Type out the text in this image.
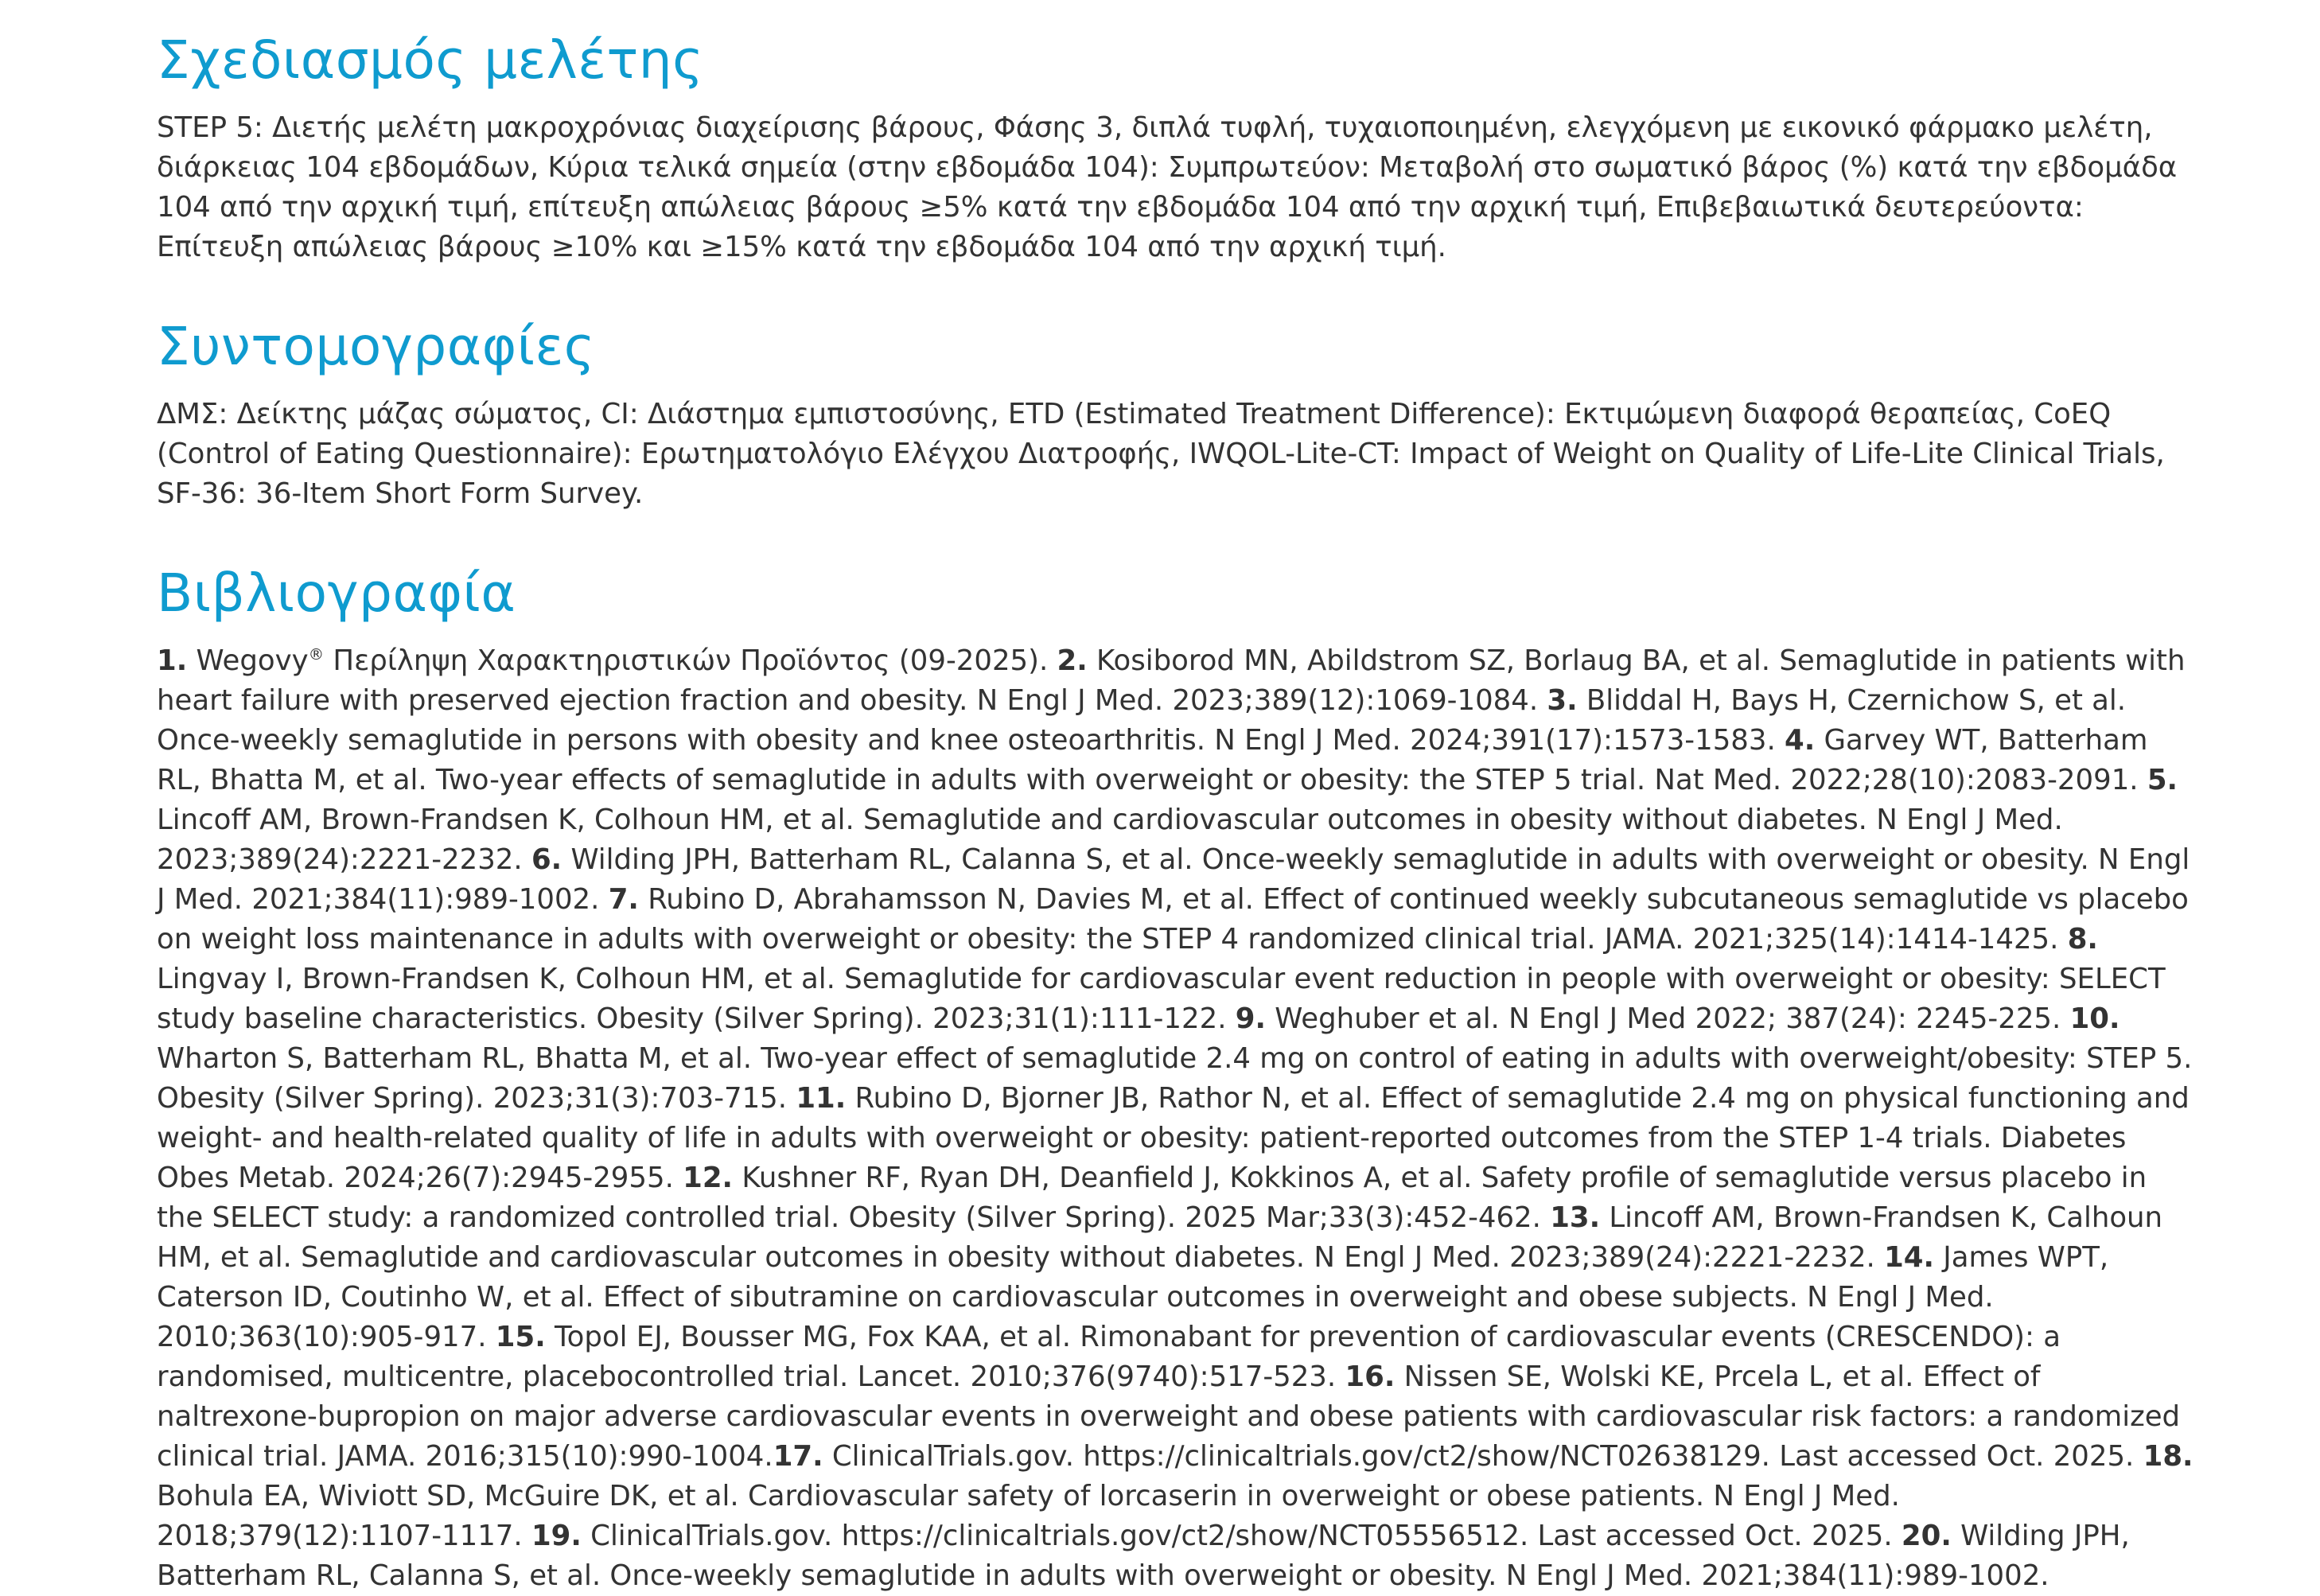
Σχεδιασμός μελέτης

STEP 5: Διετής μελέτη μακροχρόνιας διαχείρισης βάρους, Φάσης 3, διπλά τυφλή, τυχαιοποιημένη, ελεγχόμενη με εικονικό φάρμακο μελέτη, διάρκειας 104 εβδομάδων, Κύρια τελικά σημεία (στην εβδομάδα 104): Συμπρωτεύον: Μεταβολή στο σωματικό βάρος (%) κατά την εβδομάδα 104 από την αρχική τιμή, επίτευξη απώλειας βάρους ≥5% κατά την εβδομάδα 104 από την αρχική τιμή, Επιβεβαιωτικά δευτερεύοντα: Επίτευξη απώλειας βάρους ≥10% και ≥15% κατά την εβδομάδα 104 από την αρχική τιμή.

Συντομογραφίες

ΔΜΣ: Δείκτης μάζας σώματος, CI: Διάστημα εμπιστοσύνης, ETD (Estimated Treatment Difference): Εκτιμώμενη διαφορά θεραπείας, CoEQ (Control of Eating Questionnaire): Ερωτηματολόγιο Ελέγχου Διατροφής, IWQOL-Lite-CT: Impact of Weight on Quality of Life-Lite Clinical Trials, SF-36: 36-Item Short Form Survey.

Βιβλιογραφία

1. Wegovy® Περίληψη Χαρακτηριστικών Προϊόντος (09-2025). 2. Kosiborod MN, Abildstrom SZ, Borlaug BA, et al. Semaglutide in patients with heart failure with preserved ejection fraction and obesity. N Engl J Med. 2023;389(12):1069-1084. 3. Bliddal H, Bays H, Czernichow S, et al. Once-weekly semaglutide in persons with obesity and knee osteoarthritis. N Engl J Med. 2024;391(17):1573-1583. 4. Garvey WT, Batterham RL, Bhatta M, et al. Two-year effects of semaglutide in adults with overweight or obesity: the STEP 5 trial. Nat Med. 2022;28(10):2083-2091. 5. Lincoff AM, Brown-Frandsen K, Colhoun HM, et al. Semaglutide and cardiovascular outcomes in obesity without diabetes. N Engl J Med. 2023;389(24):2221-2232. 6. Wilding JPH, Batterham RL, Calanna S, et al. Once-weekly semaglutide in adults with overweight or obesity. N Engl J Med. 2021;384(11):989-1002. 7. Rubino D, Abrahamsson N, Davies M, et al. Effect of continued weekly subcutaneous semaglutide vs placebo on weight loss maintenance in adults with overweight or obesity: the STEP 4 randomized clinical trial. JAMA. 2021;325(14):1414-1425. 8. Lingvay I, Brown-Frandsen K, Colhoun HM, et al. Semaglutide for cardiovascular event reduction in people with overweight or obesity: SELECT study baseline characteristics. Obesity (Silver Spring). 2023;31(1):111-122. 9. Weghuber et al. N Engl J Med 2022; 387(24): 2245-225. 10. Wharton S, Batterham RL, Bhatta M, et al. Two-year effect of semaglutide 2.4 mg on control of eating in adults with overweight/obesity: STEP 5. Obesity (Silver Spring). 2023;31(3):703-715. 11. Rubino D, Bjorner JB, Rathor N, et al. Effect of semaglutide 2.4 mg on physical functioning and weight- and health-related quality of life in adults with overweight or obesity: patient-reported outcomes from the STEP 1-4 trials. Diabetes Obes Metab. 2024;26(7):2945-2955. 12. Kushner RF, Ryan DH, Deanfield J, Kokkinos A, et al. Safety profile of semaglutide versus placebo in the SELECT study: a randomized controlled trial. Obesity (Silver Spring). 2025 Mar;33(3):452-462. 13. Lincoff AM, Brown-Frandsen K, Calhoun HM, et al. Semaglutide and cardiovascular outcomes in obesity without diabetes. N Engl J Med. 2023;389(24):2221-2232. 14. James WPT, Caterson ID, Coutinho W, et al. Effect of sibutramine on cardiovascular outcomes in overweight and obese subjects. N Engl J Med. 2010;363(10):905-917. 15. Topol EJ, Bousser MG, Fox KAA, et al. Rimonabant for prevention of cardiovascular events (CRESCENDO): a randomised, multicentre, placebocontrolled trial. Lancet. 2010;376(9740):517-523. 16. Nissen SE, Wolski KE, Prcela L, et al. Effect of naltrexone-bupropion on major adverse cardiovascular events in overweight and obese patients with cardiovascular risk factors: a randomized clinical trial. JAMA. 2016;315(10):990-1004.17. ClinicalTrials.gov. https://clinicaltrials.gov/ct2/show/NCT02638129. Last accessed Oct. 2025. 18. Bohula EA, Wiviott SD, McGuire DK, et al. Cardiovascular safety of lorcaserin in overweight or obese patients. N Engl J Med. 2018;379(12):1107-1117. 19. ClinicalTrials.gov. https://clinicaltrials.gov/ct2/show/NCT05556512. Last accessed Oct. 2025. 20. Wilding JPH, Batterham RL, Calanna S, et al. Once-weekly semaglutide in adults with overweight or obesity. N Engl J Med. 2021;384(11):989-1002.
